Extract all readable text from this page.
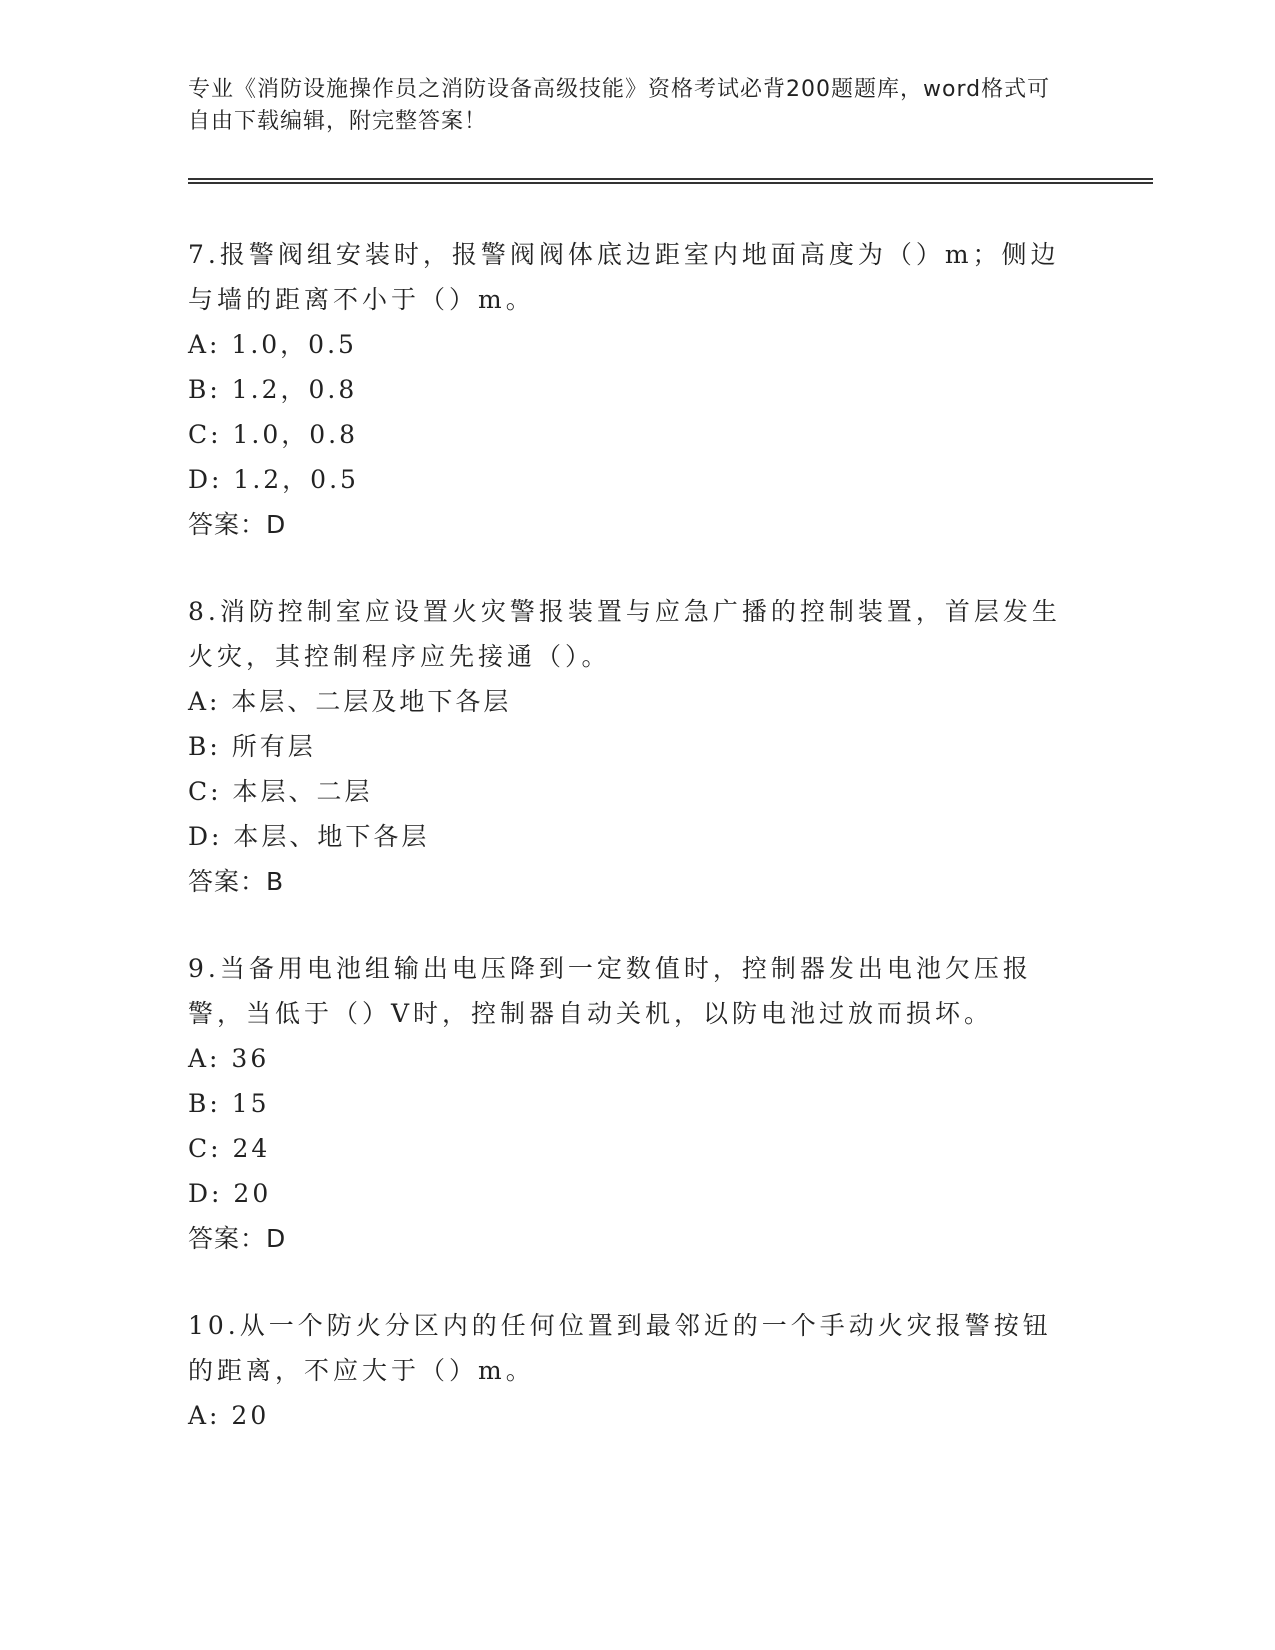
专业《消防设施操作员之消防设备高级技能》资格考试必背200题题库，word格式可自由下载编辑，附完整答案！

7.报警阀组安装时，报警阀阀体底边距室内地面高度为（）m；侧边与墙的距离不小于（）m。

A: 1.0，0.5

B: 1.2，0.8

C: 1.0，0.8

D: 1.2，0.5

答案：D

8.消防控制室应设置火灾警报装置与应急广播的控制装置，首层发生火灾，其控制程序应先接通（）。

A: 本层、二层及地下各层

B: 所有层

C: 本层、二层

D: 本层、地下各层

答案：B

9.当备用电池组输出电压降到一定数值时，控制器发出电池欠压报警，当低于（）V时，控制器自动关机，以防电池过放而损坏。

A: 36

B: 15

C: 24

D: 20

答案：D

10.从一个防火分区内的任何位置到最邻近的一个手动火灾报警按钮的距离，不应大于（）m。

A: 20
